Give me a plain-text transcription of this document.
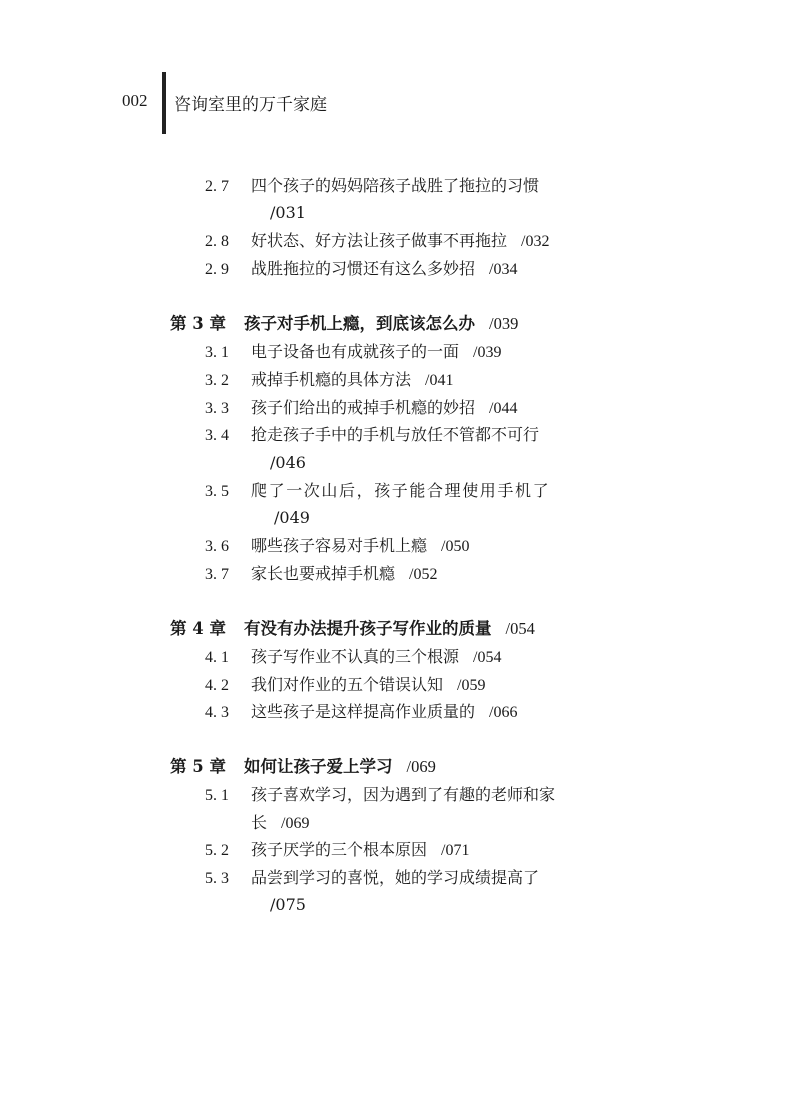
002 咨询室里的万千家庭
2. 7 四个孩子的妈妈陪孩子战胜了拖拉的习惯
/031
2. 8 好状态、好方法让孩子做事不再拖拉 /032
2. 9 战胜拖拉的习惯还有这么多妙招 /034
第 3 章 孩子对手机上瘾，到底该怎么办 /039
3. 1 电子设备也有成就孩子的一面 /039
3. 2 戒掉手机瘾的具体方法 /041
3. 3 孩子们给出的戒掉手机瘾的妙招 /044
3. 4 抢走孩子手中的手机与放任不管都不可行
/046
3. 5 爬了一次山后，孩子能合理使用手机了
/049
3. 6 哪些孩子容易对手机上瘾 /050
3. 7 家长也要戒掉手机瘾 /052
第 4 章 有没有办法提升孩子写作业的质量 /054
4. 1 孩子写作业不认真的三个根源 /054
4. 2 我们对作业的五个错误认知 /059
4. 3 这些孩子是这样提高作业质量的 /066
第 5 章 如何让孩子爱上学习 /069
5. 1 孩子喜欢学习，因为遇到了有趣的老师和家
长 /069
5. 2 孩子厌学的三个根本原因 /071
5. 3 品尝到学习的喜悦，她的学习成绩提高了
/075
